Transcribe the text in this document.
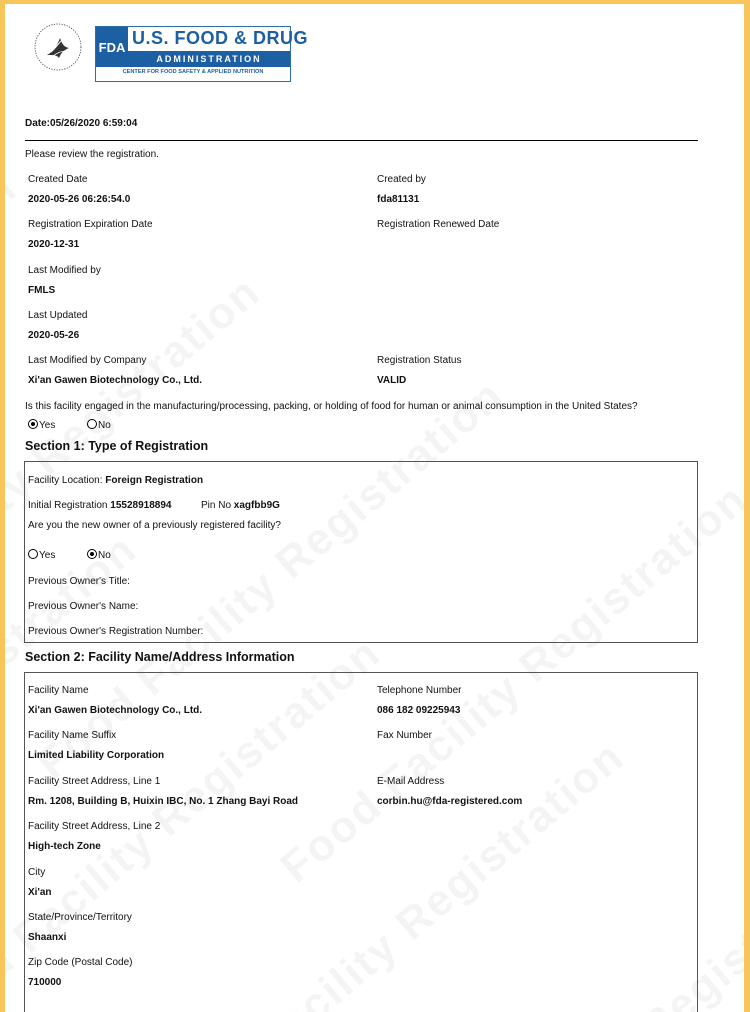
FDA U.S. FOOD & DRUG
ADMINISTRATION
CENTER FOR FOOD SAFETY & APPLIED NUTRITION
Date:05/26/2020 6:59:04
Please review the registration.
Created Date
2020-05-26 06:26:54.0
Created by
fda81131
Registration Expiration Date
2020-12-31
Registration Renewed Date
Last Modified by
FMLS
Last Updated
2020-05-26
Last Modified by Company
Xi'an Gawen Biotechnology Co., Ltd.
Registration Status
VALID
Is this facility engaged in the manufacturing/processing, packing, or holding of food for human or animal consumption in the United States?
Yes	No
Section 1: Type of Registration
Facility Location: Foreign Registration
Initial Registration 15528918894	Pin No xagfbb9G
Are you the new owner of a previously registered facility?
Yes	No
Previous Owner's Title:
Previous Owner's Name:
Previous Owner's Registration Number:
Section 2: Facility Name/Address Information
Facility Name
Xi'an Gawen Biotechnology Co., Ltd.
Telephone Number
086 182 09225943
Facility Name Suffix
Limited Liability Corporation
Fax Number
Facility Street Address, Line 1
Rm. 1208, Building B, Huixin IBC, No. 1 Zhang Bayi Road
E-Mail Address
corbin.hu@fda-registered.com
Facility Street Address, Line 2
High-tech Zone
City
Xi'an
State/Province/Territory
Shaanxi
Zip Code (Postal Code)
710000
